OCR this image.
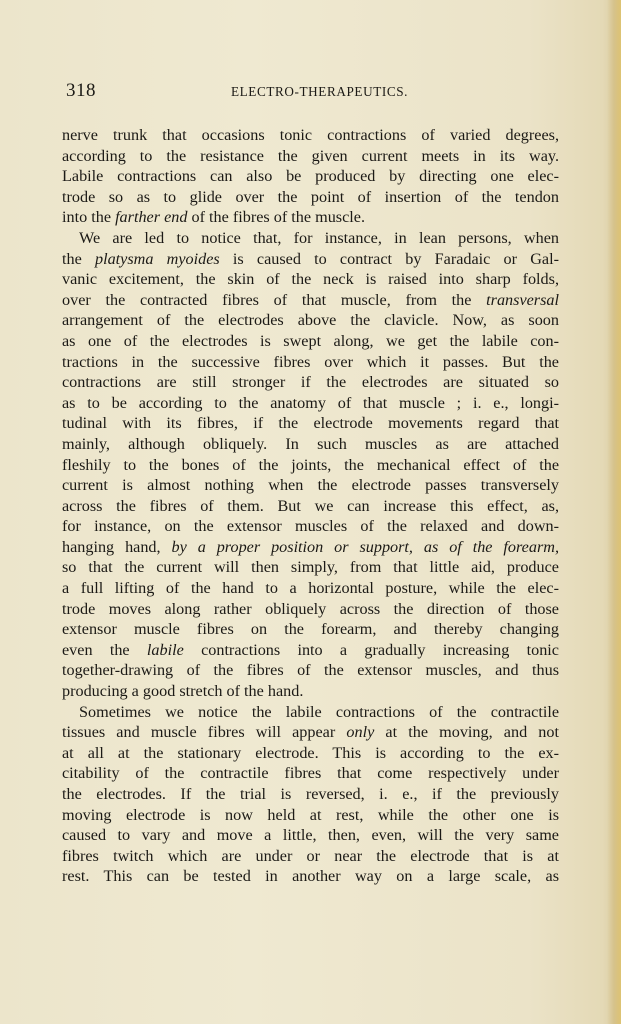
318	ELECTRO-THERAPEUTICS.
nerve trunk that occasions tonic contractions of varied degrees,
according to the resistance the given current meets in its way.
Labile contractions can also be produced by directing one elec-
trode so as to glide over the point of insertion of the tendon
into the farther end of the fibres of the muscle.
We are led to notice that, for instance, in lean persons, when
the platysma myoides is caused to contract by Faradaic or Gal-
vanic excitement, the skin of the neck is raised into sharp folds,
over the contracted fibres of that muscle, from the transversal
arrangement of the electrodes above the clavicle. Now, as soon
as one of the electrodes is swept along, we get the labile con-
tractions in the successive fibres over which it passes. But the
contractions are still stronger if the electrodes are situated so
as to be according to the anatomy of that muscle ; i. e., longi-
tudinal with its fibres, if the electrode movements regard that
mainly, although obliquely. In such muscles as are attached
fleshily to the bones of the joints, the mechanical effect of the
current is almost nothing when the electrode passes transversely
across the fibres of them. But we can increase this effect, as,
for instance, on the extensor muscles of the relaxed and down-
hanging hand, by a proper position or support, as of the forearm,
so that the current will then simply, from that little aid, produce
a full lifting of the hand to a horizontal posture, while the elec-
trode moves along rather obliquely across the direction of those
extensor muscle fibres on the forearm, and thereby changing
even the labile contractions into a gradually increasing tonic
together-drawing of the fibres of the extensor muscles, and thus
producing a good stretch of the hand.
Sometimes we notice the labile contractions of the contractile
tissues and muscle fibres will appear only at the moving, and not
at all at the stationary electrode. This is according to the ex-
citability of the contractile fibres that come respectively under
the electrodes. If the trial is reversed, i. e., if the previously
moving electrode is now held at rest, while the other one is
caused to vary and move a little, then, even, will the very same
fibres twitch which are under or near the electrode that is at
rest. This can be tested in another way on a large scale, as
